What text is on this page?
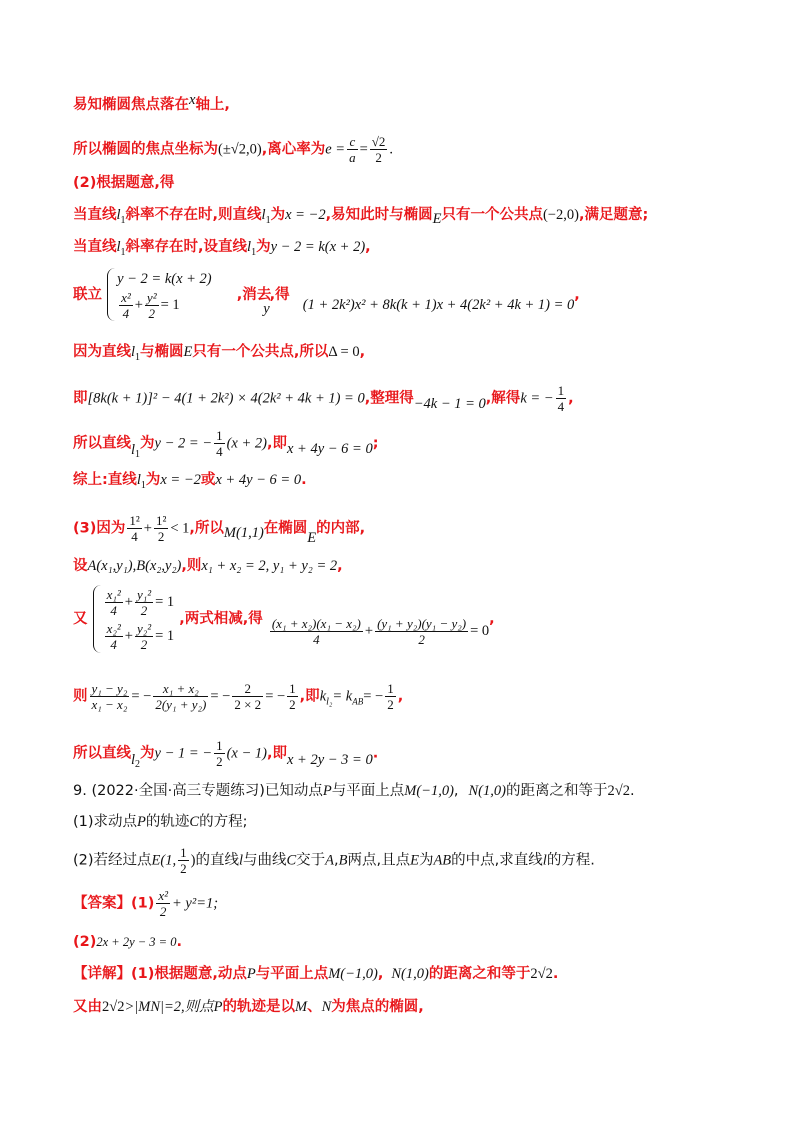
易知椭圆焦点落在x轴上,
所以椭圆的焦点坐标为(±√2,0),离心率为$e = \frac{c}{a} = \frac{√2}{2}$ .
(2)根据题意,得
当直线$l_1$斜率不存在时,则直线$l_1$为x = −2,易知此时与椭圆E只有一个公共点(−2,0),满足题意;
当直线$l_1$斜率存在时,设直线$l_1$为y − 2 = k(x + 2),
联立
y − 2 = k(x + 2)
$\frac{\text{x²}}{4} + \frac{\text{y²}}{2} = 1$
,消去y,得 (1 + 2k²)x² + 8k(k + 1)x + 4(2k² + 4k + 1) = 0,
因为直线$l_1$与椭圆E只有一个公共点,所以Δ = 0,
即[8k(k + 1)]² − 4(1 + 2k²) × 4(2k² + 4k + 1) = 0,整理得−4k − 1 = 0,解得k = − $\frac{1}{4}$ ,
所以直线$l_1$为y − 2 = − $\frac{1}{4} (x + 2)$,即x + 4y − 6 = 0;
综上:直线$l_1$为x = −2或x + 4y − 6 = 0.
(3)因为 $\frac{\text{1²}}{4} + \frac{\text{1²}}{2} < 1$,所以M(1,1)在椭圆E的内部,
设A(x₁,y₁),B(x₂,y₂),则x₁ + x₂ = 2, y₁ + y₂ = 2,
又
$\frac{\text{x₁²}}{4} + \frac{\text{y₁²}}{2} = 1$
$\frac{\text{x₂²}}{4} + \frac{\text{y₂²}}{2} = 1$
,两式相减,得 $\frac{\text{(x₁ + x₂)(x₁ − x₂)}}{4} + \frac{\text{(y₁ + y₂)(y₁ − y₂)}}{2} = 0$,
则 $\frac{\text{y₁ − y₂}}{\text{x₁ − x₂}}$ = − $\frac{\text{x₁ + x₂}}{\text{2(y₁ + y₂)}}$ = − $\frac{2}{2 \times 2}$ = − $\frac{1}{2}$ ,即$k_{l_2}= k_{AB}= - \frac{1}{2}$ ,
所以直线$l_2$为y − 1 = − $\frac{1}{2} (x - 1)$,即x + 2y − 3 = 0.
9. (2022·全国·高三专题练习)已知动点P与平面上点M(−1,0), N(1,0)的距离之和等于2√2.
(1)求动点P的轨迹C的方程;
(2)若经过点E(1, $\frac{1}{2}$ )的直线l与曲线C交于A,B两点,且点E为AB的中点,求直线l的方程.
【答案】$(1) \frac{\text{x²}}{2} + y^2=1$;
(2)2x + 2y − 3 = 0.
【详解】(1)根据题意,动点P与平面上点M(−1,0), N(1,0)的距离之和等于2√2.
又由2√2>|MN|=2,则点P的轨迹是以M、N为焦点的椭圆,
